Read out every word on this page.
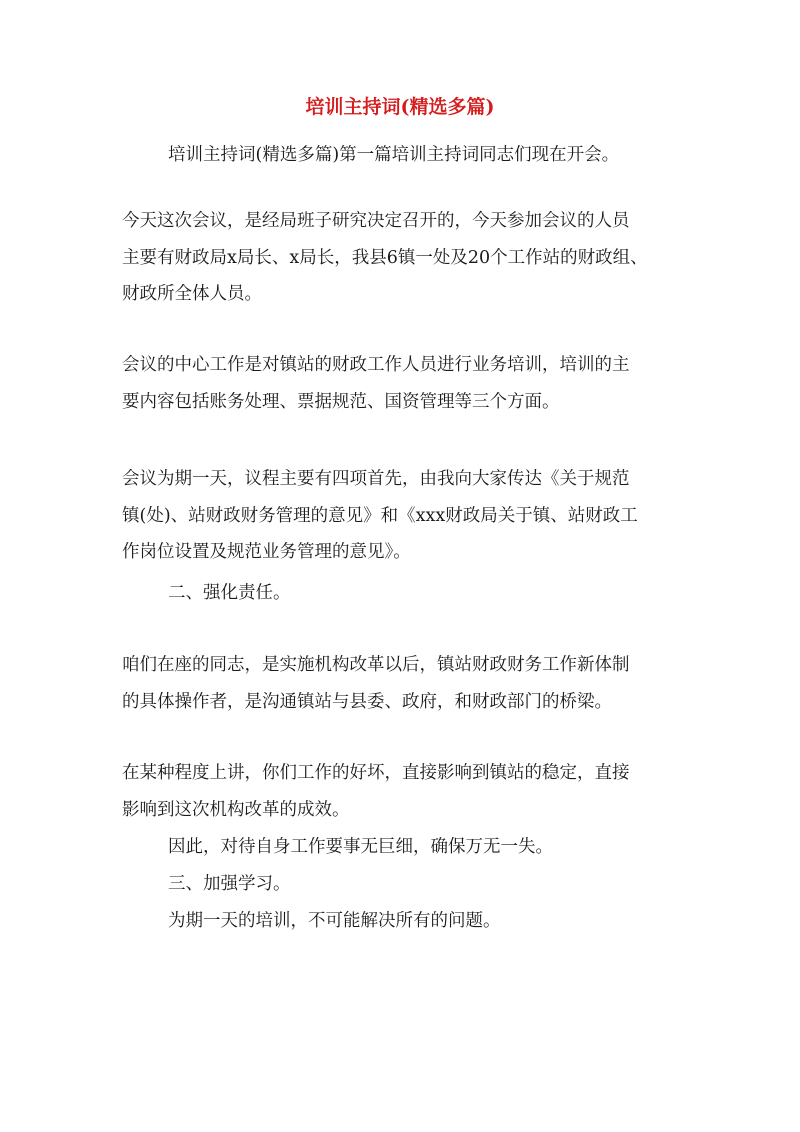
培训主持词(精选多篇)

培训主持词(精选多篇)第一篇培训主持词同志们现在开会。

今天这次会议，是经局班子研究决定召开的，今天参加会议的人员
主要有财政局x局长、x局长，我县6镇一处及20个工作站的财政组、
财政所全体人员。

会议的中心工作是对镇站的财政工作人员进行业务培训，培训的主
要内容包括账务处理、票据规范、国资管理等三个方面。

会议为期一天，议程主要有四项首先，由我向大家传达《关于规范
镇(处)、站财政财务管理的意见》和《xxx财政局关于镇、站财政工
作岗位设置及规范业务管理的意见》。

二、强化责任。

咱们在座的同志，是实施机构改革以后，镇站财政财务工作新体制
的具体操作者，是沟通镇站与县委、政府，和财政部门的桥梁。

在某种程度上讲，你们工作的好坏，直接影响到镇站的稳定，直接
影响到这次机构改革的成效。

因此，对待自身工作要事无巨细，确保万无一失。

三、加强学习。

为期一天的培训，不可能解决所有的问题。
